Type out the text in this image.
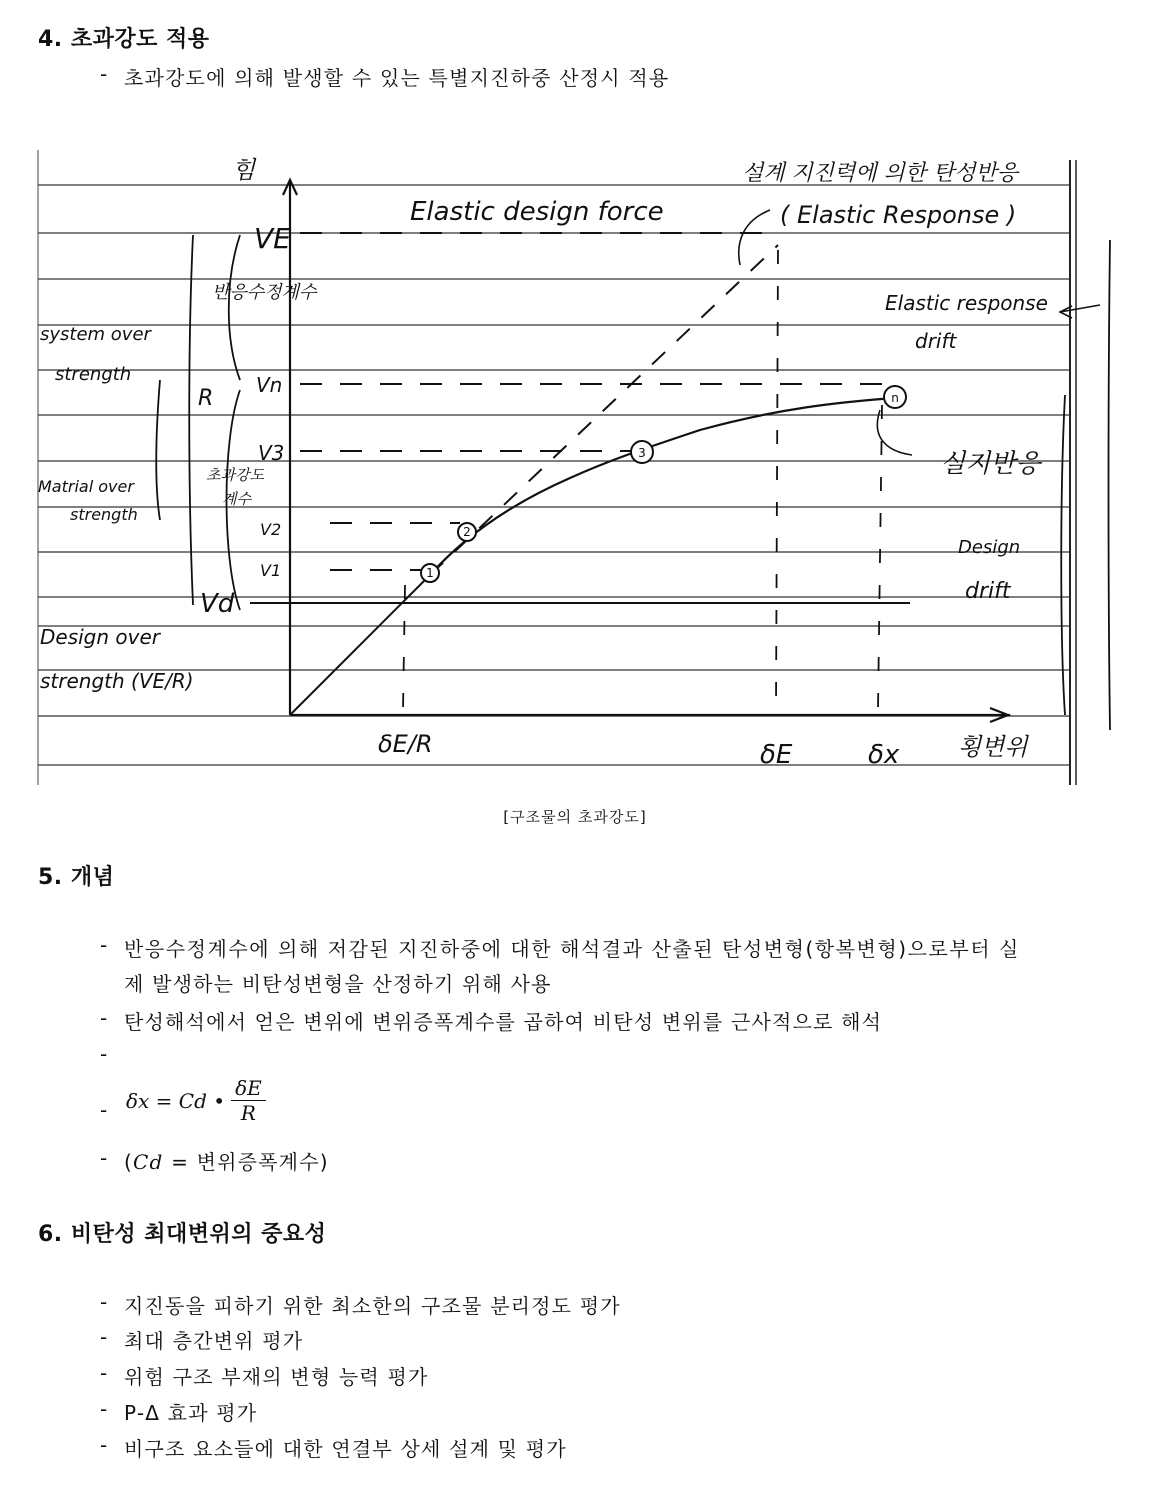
4. 초과강도 적용
- 초과강도에 의해 발생할 수 있는 특별지진하중 산정시 적용
1
2
3
n
힘
Elastic design force
설계 지진력에 의한 탄성반응
( Elastic Response )
Elastic response
drift
system over
strength
Matrial over
strength
Design over
strength (VE/R)
반응수정계수
초과강도
계수
R
VE
Vn
V3
V2
V1
Vd
실지반응
Design
drift
δE/R	δE	δx 횡변위
[구조물의 초과강도]
5. 개념
- 반응수정계수에 의해 저감된 지진하중에 대한 해석결과 산출된 탄성변형(항복변형)으로부터 실
제 발생하는 비탄성변형을 산정하기 위해 사용
- 탄성해석에서 얻은 변위에 변위증폭계수를 곱하여 비탄성 변위를 근사적으로 해석
-
- δx = Cd • $\frac{\delta E}{R}$
- (Cd = 변위증폭계수)
6. 비탄성 최대변위의 중요성
- 지진동을 피하기 위한 최소한의 구조물 분리정도 평가
- 최대 층간변위 평가
- 위험 구조 부재의 변형 능력 평가
- P-Δ 효과 평가
- 비구조 요소들에 대한 연결부 상세 설계 및 평가
